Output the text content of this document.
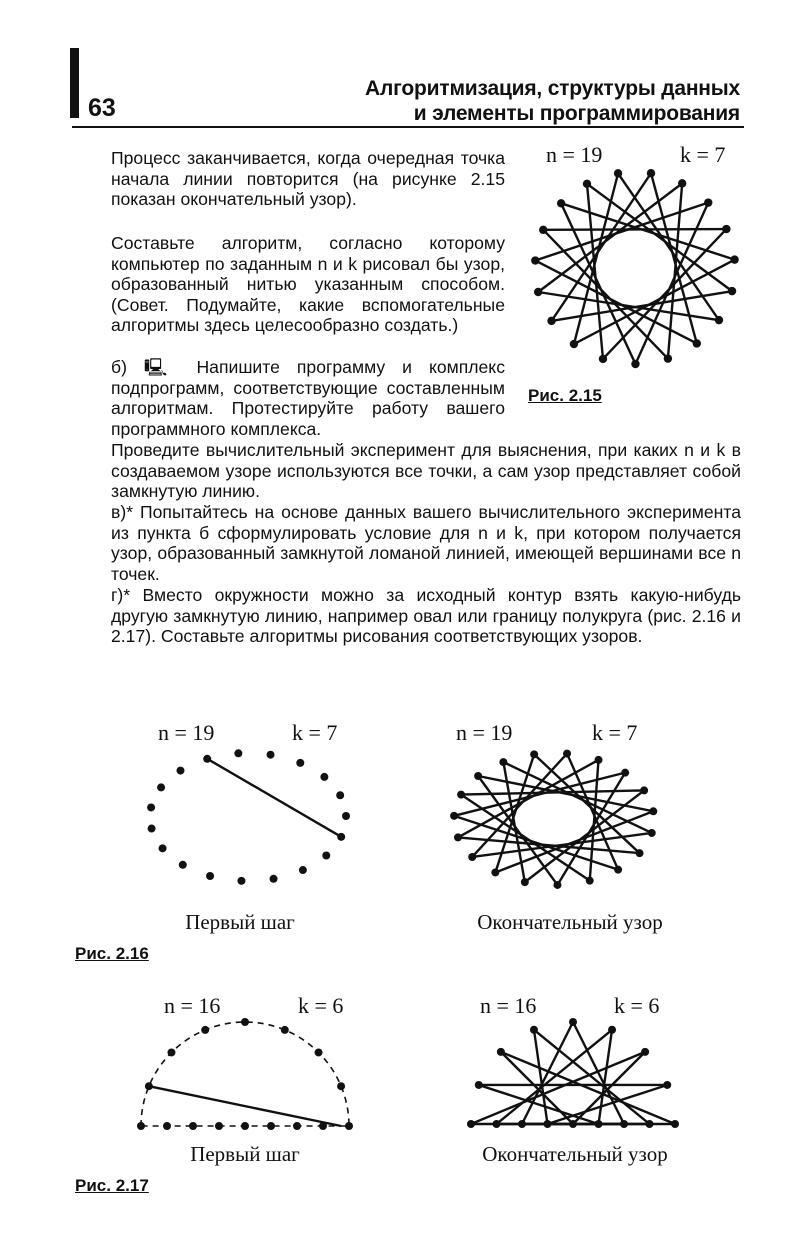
63
Алгоритмизация, структуры данных
и элементы программирования
Процесс заканчивается, когда очередная точка начала линии повторится (на рисунке 2.15 показан окончательный узор).
Составьте алгоритм, согласно которому компьютер по заданным n и k рисовал бы узор, образованный нитью указанным способом. (Совет. Подумайте, какие вспомогательные алгоритмы здесь целесообразно создать.)
б) 🖳 Напишите программу и комплекс подпрограмм, соответствующие составленным алгоритмам. Протестируйте работу вашего программного комплекса.
Проведите вычислительный эксперимент для выяснения, при каких n и k в создаваемом узоре используются все точки, а сам узор представляет собой замкнутую линию.
в)* Попытайтесь на основе данных вашего вычислительного эксперимента из пункта б сформулировать условие для n и k, при котором получается узор, образованный замкнутой ломаной линией, имеющей вершинами все n точек.
г)* Вместо окружности можно за исходный контур взять какую-нибудь другую замкнутую линию, например овал или границу полукруга (рис. 2.16 и 2.17). Составьте алгоритмы рисования соответствующих узоров.
n = 19	k = 7
Рис. 2.15
n = 19	k = 7
Первый шаг
n = 19	k = 7
Окончательный узор
Рис. 2.16
n = 16	k = 6
Первый шаг
n = 16	k = 6
Окончательный узор
Рис. 2.17
